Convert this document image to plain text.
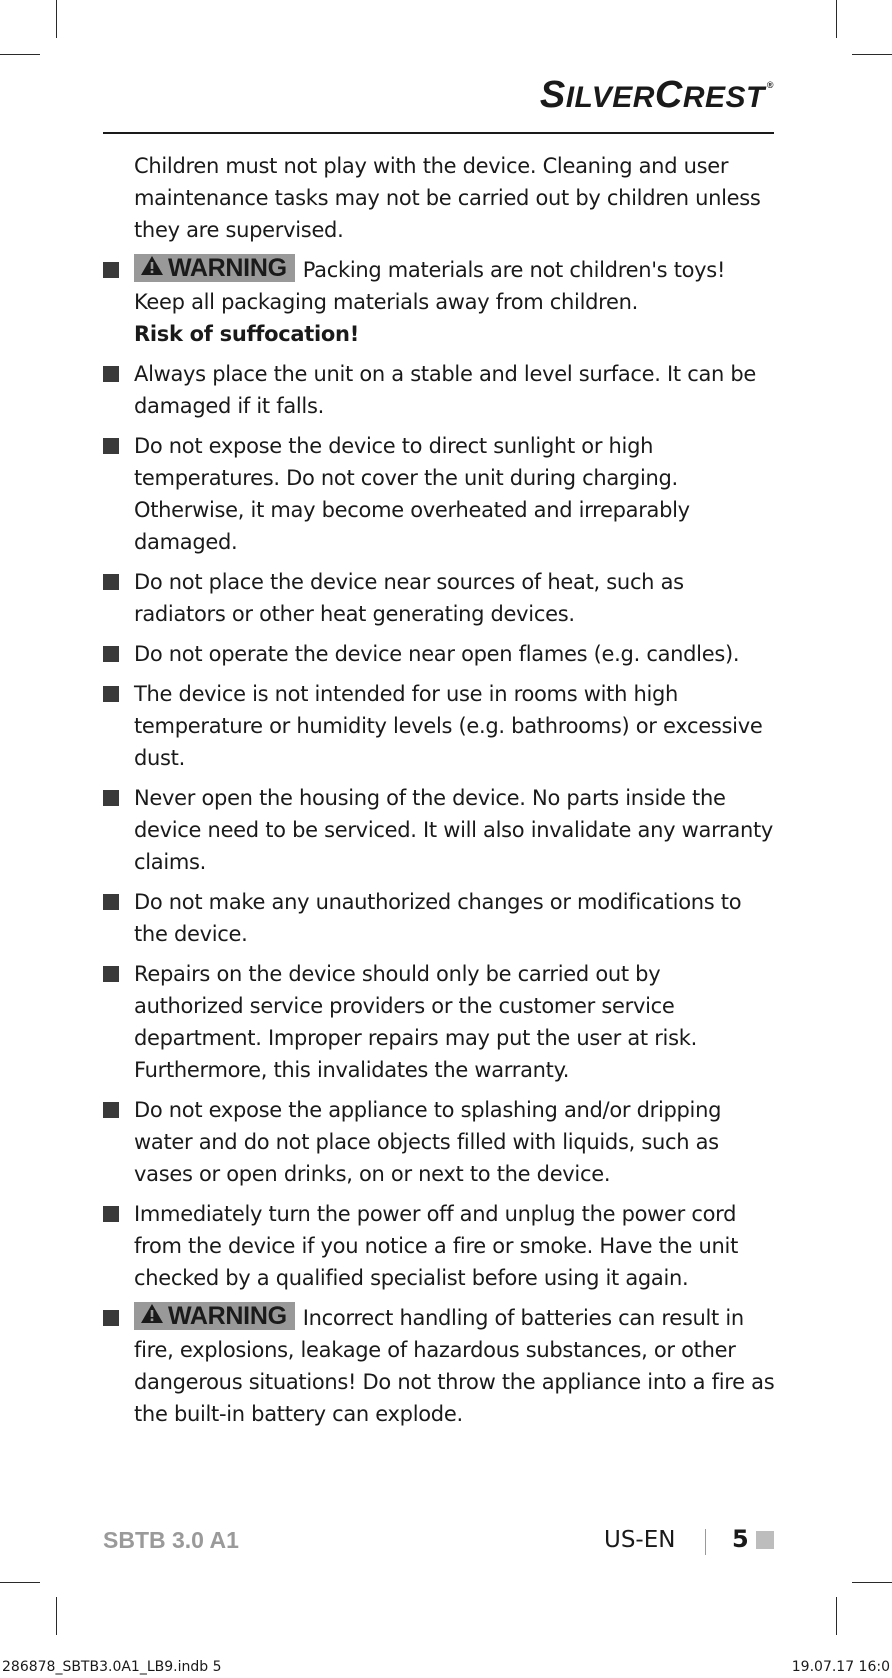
SILVERCREST ®
Children must not play with the device. Cleaning and user maintenance tasks may not be carried out by children unless they are supervised.
WARNING Packing materials are not children's toys! Keep all packaging materials away from children.
Risk of suffocation!
Always place the unit on a stable and level surface. It can be damaged if it falls.
Do not expose the device to direct sunlight or high temperatures. Do not cover the unit during charging. Otherwise, it may become overheated and irreparably damaged.
Do not place the device near sources of heat, such as radiators or other heat generating devices.
Do not operate the device near open flames (e.g. candles).
The device is not intended for use in rooms with high temperature or humidity levels (e.g. bathrooms) or excessive dust.
Never open the housing of the device. No parts inside the device need to be serviced. It will also invalidate any warranty claims.
Do not make any unauthorized changes or modifications to the device.
Repairs on the device should only be carried out by authorized service providers or the customer service department. Improper repairs may put the user at risk. Furthermore, this invalidates the warranty.
Do not expose the appliance to splashing and/or dripping water and do not place objects filled with liquids, such as vases or open drinks, on or next to the device.
Immediately turn the power off and unplug the power cord from the device if you notice a fire or smoke. Have the unit checked by a qualified specialist before using it again.
WARNING Incorrect handling of batteries can result in fire, explosions, leakage of hazardous substances, or other dangerous situations! Do not throw the appliance into a fire as the built-in battery can explode.
SBTB 3.0 A1	US-EN 5
286878_SBTB3.0A1_LB9.indb 5	19.07.17 16:0
